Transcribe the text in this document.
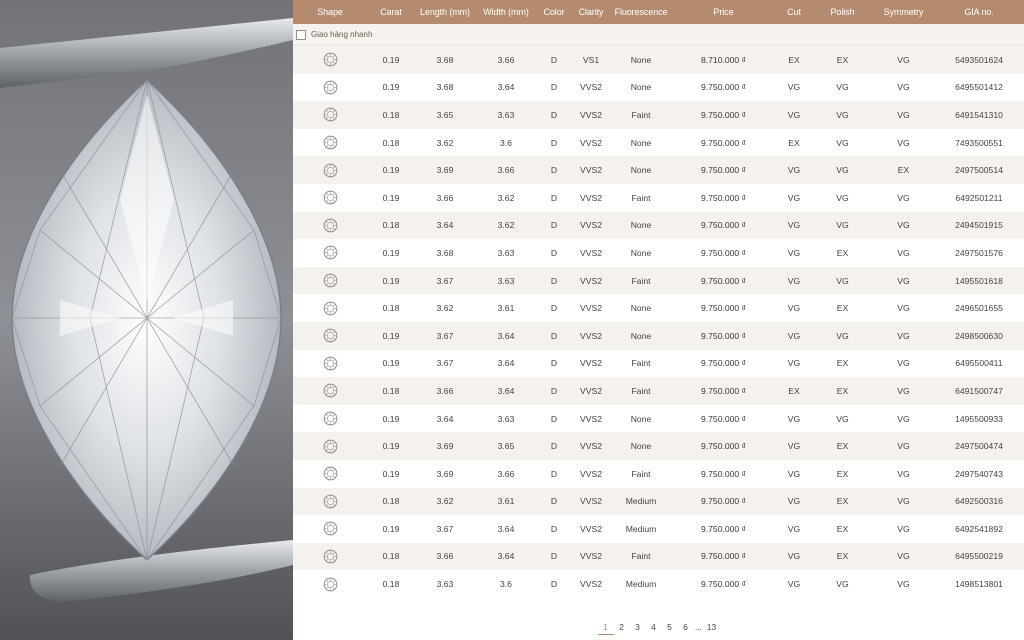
Shape	Carat	Length (mm)	Width (mm)	Color	Clarity	Fluorescence	Price	Cut	Polish	Symmetry	GIA no.
Giao hàng nhanh
0.19	3.68	3.66	D	VS1	None	8.710.000 ₫	EX	EX	VG	5493501624
0.19	3.68	3.64	D	VVS2	None	9.750.000 ₫	VG	VG	VG	6495501412
0.18	3.65	3.63	D	VVS2	Faint	9.750.000 ₫	VG	VG	VG	6491541310
0.18	3.62	3.6	D	VVS2	None	9.750.000 ₫	EX	VG	VG	7493500551
0.19	3.69	3.66	D	VVS2	None	9.750.000 ₫	VG	VG	EX	2497500514
0.19	3.66	3.62	D	VVS2	Faint	9.750.000 ₫	VG	VG	VG	6492501211
0.18	3.64	3.62	D	VVS2	None	9.750.000 ₫	VG	VG	VG	2494501915
0.19	3.68	3.63	D	VVS2	None	9.750.000 ₫	VG	EX	VG	2497501576
0.19	3.67	3.63	D	VVS2	Faint	9.750.000 ₫	VG	VG	VG	1495501618
0.18	3.62	3.61	D	VVS2	None	9.750.000 ₫	VG	EX	VG	2496501655
0.19	3.67	3.64	D	VVS2	None	9.750.000 ₫	VG	VG	VG	2498500630
0.19	3.67	3.64	D	VVS2	Faint	9.750.000 ₫	VG	EX	VG	6495500411
0.18	3.66	3.64	D	VVS2	Faint	9.750.000 ₫	EX	EX	VG	6491500747
0.19	3.64	3.63	D	VVS2	None	9.750.000 ₫	VG	VG	VG	1495500933
0.19	3.69	3.65	D	VVS2	None	9.750.000 ₫	VG	EX	VG	2497500474
0.19	3.69	3.66	D	VVS2	Faint	9.750.000 ₫	VG	EX	VG	2497540743
0.18	3.62	3.61	D	VVS2	Medium	9.750.000 ₫	VG	EX	VG	6492500316
0.19	3.67	3.64	D	VVS2	Medium	9.750.000 ₫	VG	EX	VG	6492541892
0.18	3.66	3.64	D	VVS2	Faint	9.750.000 ₫	VG	EX	VG	6495500219
0.18	3.63	3.6	D	VVS2	Medium	9.750.000 ₫	VG	VG	VG	1498513801
1	2	3	4	5	6 ... 13
